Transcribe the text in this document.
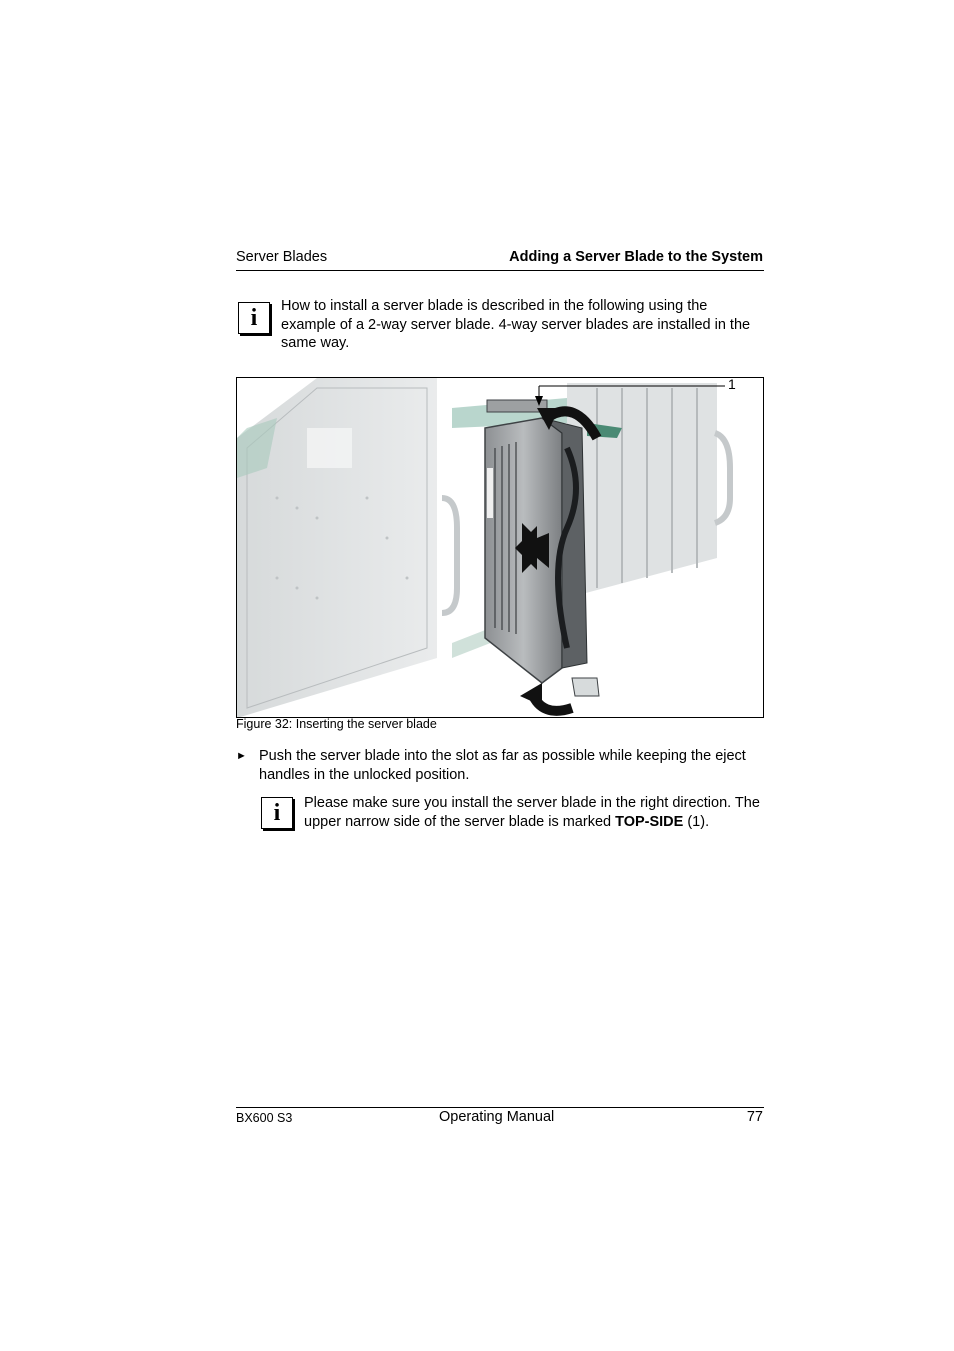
Server Blades	Adding a Server Blade to the System
i	How to install a server blade is described in the following using the example of a 2-way server blade. 4-way server blades are installed in the same way.
1
Figure 32: Inserting the server blade
► Push the server blade into the slot as far as possible while keeping the eject handles in the unlocked position.
i	Please make sure you install the server blade in the right direction. The upper narrow side of the server blade is marked TOP-SIDE (1).
BX600 S3	Operating Manual	77
